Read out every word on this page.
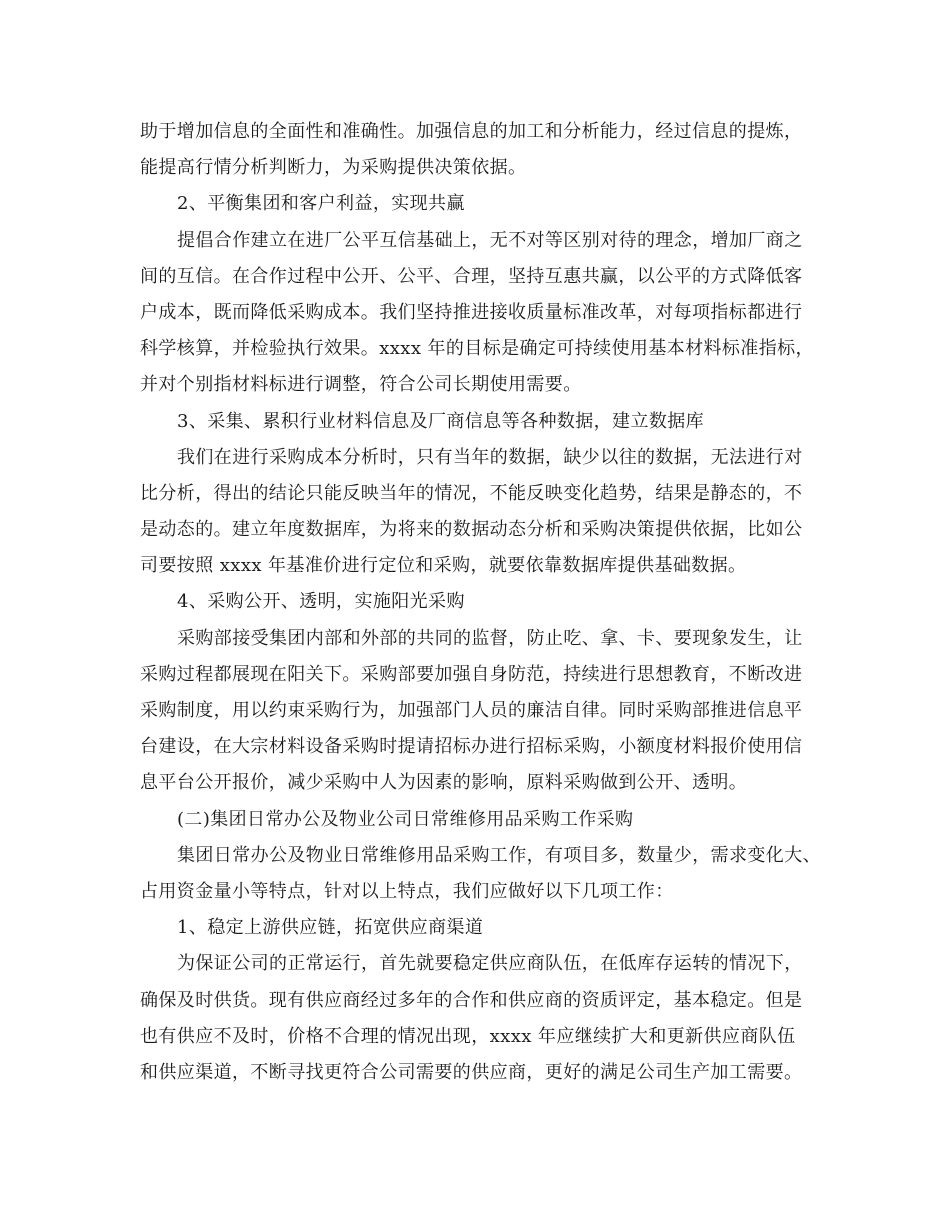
助于增加信息的全面性和准确性。加强信息的加工和分析能力，经过信息的提炼，
能提高行情分析判断力，为采购提供决策依据。
2、平衡集团和客户利益，实现共赢
提倡合作建立在进厂公平互信基础上，无不对等区别对待的理念，增加厂商之
间的互信。在合作过程中公开、公平、合理，坚持互惠共赢，以公平的方式降低客
户成本，既而降低采购成本。我们坚持推进接收质量标准改革，对每项指标都进行
科学核算，并检验执行效果。xxxx 年的目标是确定可持续使用基本材料标准指标，
并对个别指材料标进行调整，符合公司长期使用需要。
3、采集、累积行业材料信息及厂商信息等各种数据，建立数据库
我们在进行采购成本分析时，只有当年的数据，缺少以往的数据，无法进行对
比分析，得出的结论只能反映当年的情况，不能反映变化趋势，结果是静态的，不
是动态的。建立年度数据库，为将来的数据动态分析和采购决策提供依据，比如公
司要按照 xxxx 年基准价进行定位和采购，就要依靠数据库提供基础数据。
4、采购公开、透明，实施阳光采购
采购部接受集团内部和外部的共同的监督，防止吃、拿、卡、要现象发生，让
采购过程都展现在阳关下。采购部要加强自身防范，持续进行思想教育，不断改进
采购制度，用以约束采购行为，加强部门人员的廉洁自律。同时采购部推进信息平
台建设，在大宗材料设备采购时提请招标办进行招标采购，小额度材料报价使用信
息平台公开报价，减少采购中人为因素的影响，原料采购做到公开、透明。
(二)集团日常办公及物业公司日常维修用品采购工作采购
集团日常办公及物业日常维修用品采购工作，有项目多，数量少，需求变化大、
占用资金量小等特点，针对以上特点，我们应做好以下几项工作：
1、稳定上游供应链，拓宽供应商渠道
为保证公司的正常运行，首先就要稳定供应商队伍，在低库存运转的情况下，
确保及时供货。现有供应商经过多年的合作和供应商的资质评定，基本稳定。但是
也有供应不及时，价格不合理的情况出现，xxxx 年应继续扩大和更新供应商队伍
和供应渠道，不断寻找更符合公司需要的供应商，更好的满足公司生产加工需要。
